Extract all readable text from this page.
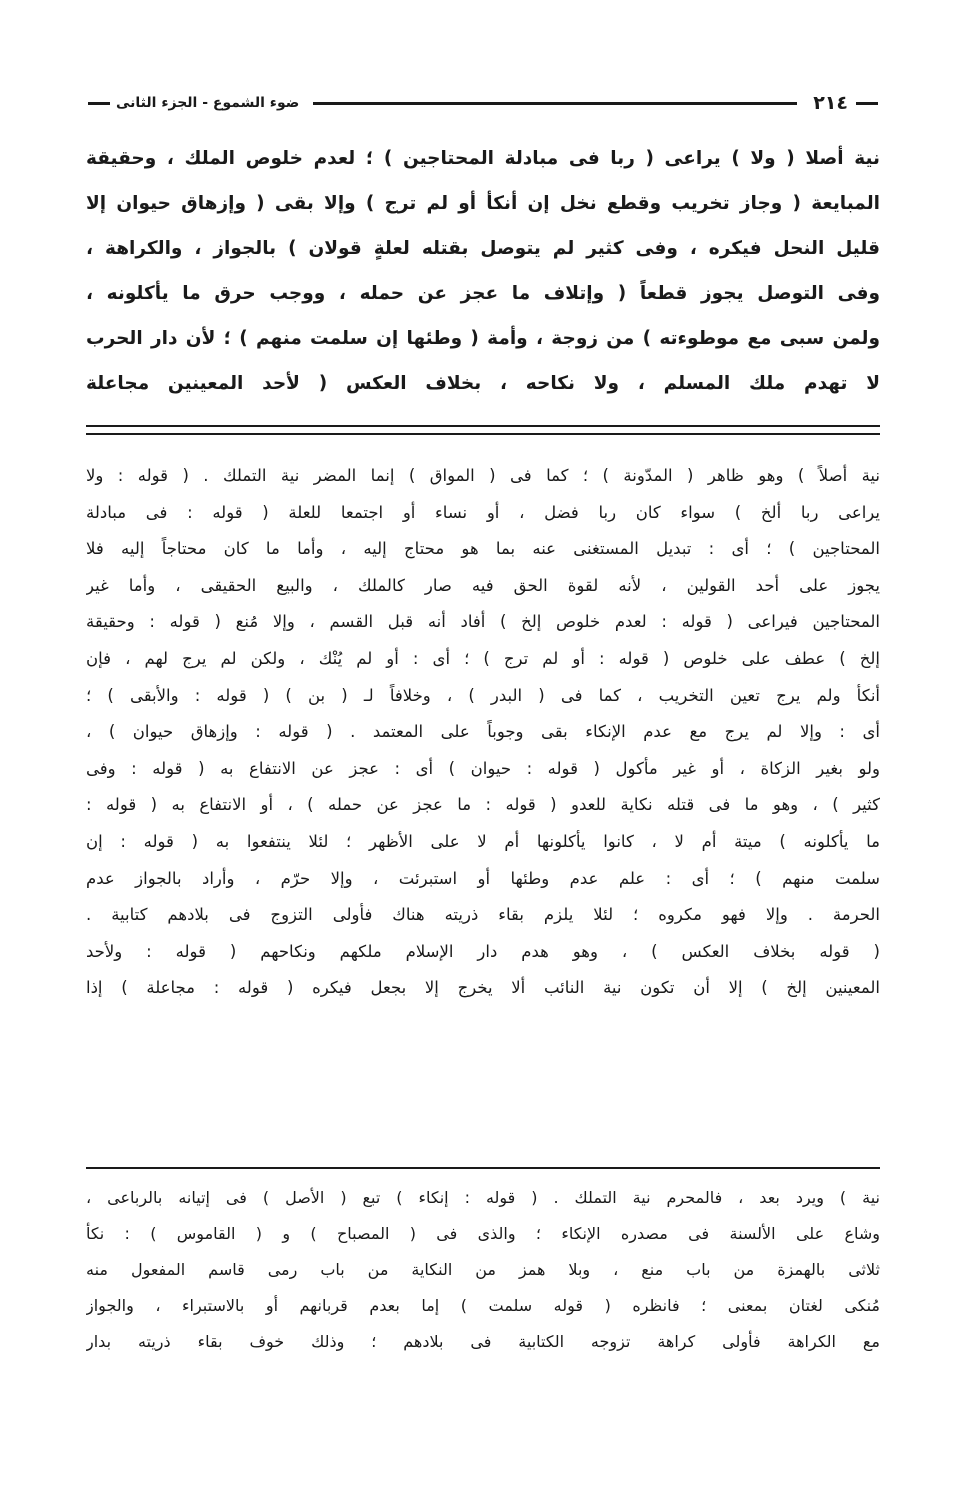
٢١٤
ضوء الشموع - الجزء الثانى

نية أصلا ( ولا ) يراعى ( ربا فى مبادلة المحتاجين ) ؛ لعدم خلوص الملك ، وحقيقة

المبايعة ( وجاز تخريب وقطع نخل إن أنكأ أو لم ترج ) وإلا بقى ( وإزهاق حيوان إلا

قليل النحل فيكره ، وفى كثير لم يتوصل بقتله لعلةٍ قولان ) بالجواز ، والكراهة ،

وفى التوصل يجوز قطعاً ( وإتلاف ما عجز عن حمله ، ووجب حرق ما يأكلونه ،

ولمن سبى مع موطوءته ) من زوجة ، وأمة ( وطئها إن سلمت منهم ) ؛ لأن دار الحرب

لا تهدم ملك المسلم ، ولا نكاحه ، بخلاف العكس ( لأحد المعينين مجاعلة

نية أصلاً ) وهو ظاهر ( المدّونة ) ؛ كما فى ( المواق ) إنما المضر نية التملك . ( قوله : ولا

يراعى ربا ألخ ) سواء كان ربا فضل ، أو نساء أو اجتمعا للعلة ( قوله : فى مبادلة

المحتاجين ) ؛ أى : تبديل المستغنى عنه بما هو محتاج إليه ، وأما ما كان محتاجاً إليه فلا

يجوز على أحد القولين ، لأنه لقوة الحق فيه صار كالملك ، والبيع الحقيقى ، وأما غير

المحتاجين فيراعى ( قوله : لعدم خلوص إلخ ) أفاد أنه قبل القسم ، وإلا مُنع ( قوله : وحقيقة

إلخ ) عطف على خلوص ( قوله : أو لم ترج ) ؛ أى : أو لم يُنْك ، ولكن لم يرج لهم ، فإن

أنكأ ولم يرج تعين التخريب ، كما فى ( البدر ) ، وخلافاً لـ ( بن ) ( قوله : والأبقى ) ؛

أى : وإلا لم يرج مع عدم الإنكاء بقى وجوباً على المعتمد . ( قوله : وإزهاق حيوان ) ،

ولو بغير الزكاة ، أو غير مأكول ( قوله : حيوان ) أى : عجز عن الانتفاع به ( قوله : وفى

كثير ) ، وهو ما فى قتله نكاية للعدو ( قوله : ما عجز عن حمله ) ، أو الانتفاع به ( قوله :

ما يأكلونه ) ميتة أم لا ، كانوا يأكلونها أم لا على الأظهر ؛ لئلا ينتفعوا به ( قوله : إن

سلمت منهم ) ؛ أى : علم عدم وطئها أو استبرئت ، وإلا حرّم ، وأراد بالجواز عدم

الحرمة . وإلا فهو مكروه ؛ لئلا يلزم بقاء ذريته هناك فأولى التزوج فى بلادهم كتابية .

( قوله بخلاف العكس ) ، وهو هدم دار الإسلام ملكهم ونكاحهم ( قوله : ولأحد

المعينين إلخ ) إلا أن تكون نية النائب ألا يخرج إلا بجعل فيكره ( قوله : مجاعلة ) إذا

نية ) ويرد بعد ، فالمحرم نية التملك . ( قوله : إنكاء ) تبع ( الأصل ) فى إتيانه بالرباعى ،

وشاع على الألسنة فى مصدره الإنكاء ؛ والذى فى ( المصباح ) و ( القاموس ) : نكأ

ثلاثى بالهمزة من باب منع ، وبلا همز من النكاية من باب رمى قاسم المفعول منه

مُنكى لغتان بمعنى ؛ فانظره ( قوله سلمت ) إما بعدم قربانهم أو بالاستبراء ، والجواز

مع الكراهة فأولى كراهة تزوجه الكتابية فى بلادهم ؛ وذلك خوف بقاء ذريته بدار
